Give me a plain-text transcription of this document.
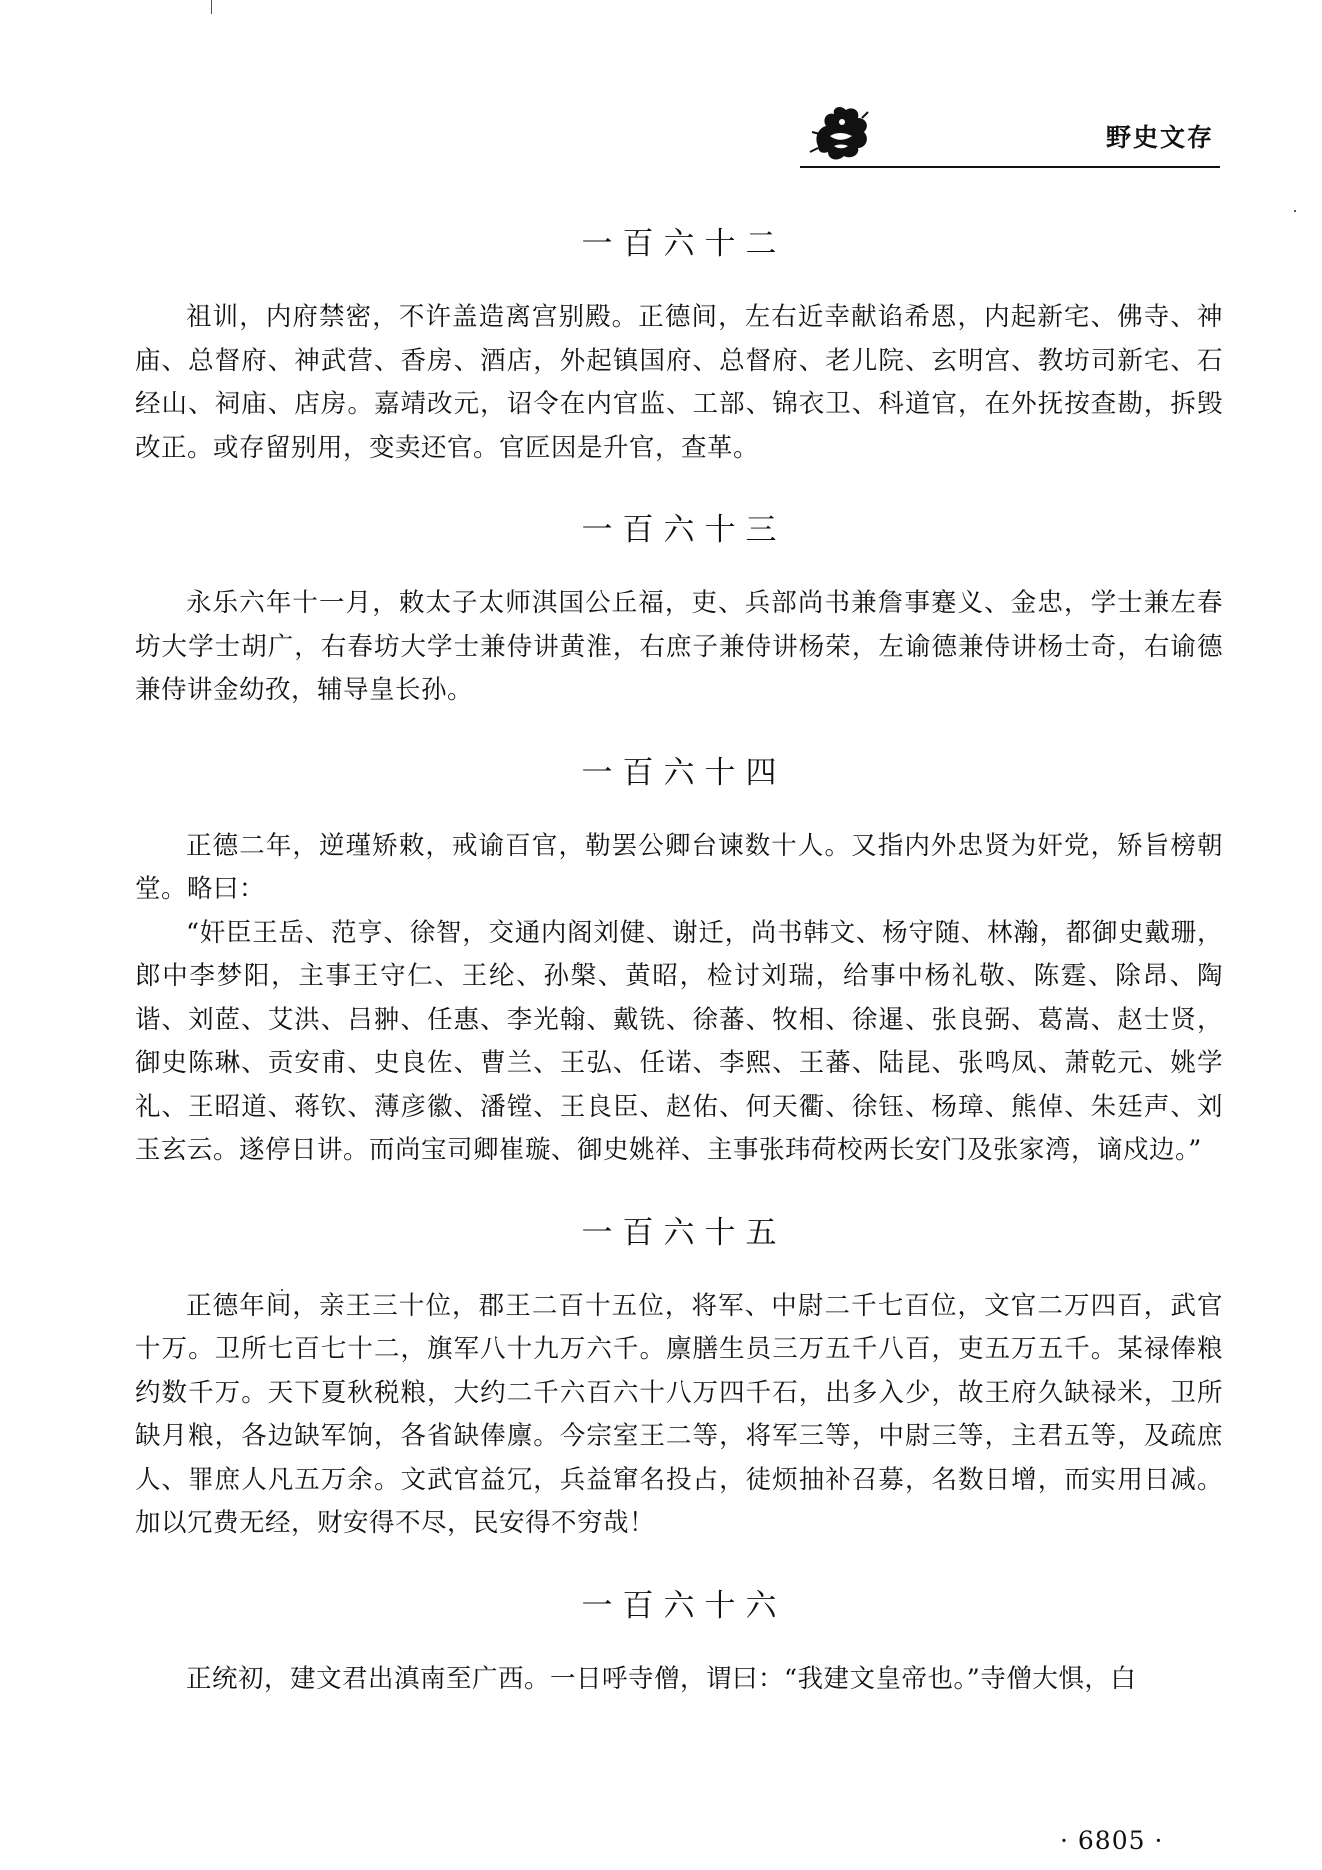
野史文存
一百六十二

祖训，内府禁密，不许盖造离宫别殿。正德间，左右近幸献谄希恩，内起新宅、佛寺、神庙、总督府、神武营、香房、酒店，外起镇国府、总督府、老儿院、玄明宫、教坊司新宅、石经山、祠庙、店房。嘉靖改元，诏令在内官监、工部、锦衣卫、科道官，在外抚按查勘，拆毁改正。或存留别用，变卖还官。官匠因是升官，查革。

一百六十三

永乐六年十一月，敕太子太师淇国公丘福，吏、兵部尚书兼詹事蹇义、金忠，学士兼左春坊大学士胡广，右春坊大学士兼侍讲黄淮，右庶子兼侍讲杨荣，左谕德兼侍讲杨士奇，右谕德兼侍讲金幼孜，辅导皇长孙。

一百六十四

正德二年，逆瑾矫敕，戒谕百官，勒罢公卿台谏数十人。又指内外忠贤为奸党，矫旨榜朝堂。略曰：

“奸臣王岳、范亨、徐智，交通内阁刘健、谢迁，尚书韩文、杨守随、林瀚，都御史戴珊，郎中李梦阳，主事王守仁、王纶、孙槃、黄昭，检讨刘瑞，给事中杨礼敬、陈霆、除昂、陶谐、刘茝、艾洪、吕翀、任惠、李光翰、戴铣、徐蕃、牧相、徐暹、张良弼、葛嵩、赵士贤，御史陈琳、贡安甫、史良佐、曹兰、王弘、任诺、李熙、王蕃、陆昆、张鸣凤、萧乾元、姚学礼、王昭道、蒋钦、薄彦徽、潘镗、王良臣、赵佑、何天衢、徐钰、杨璋、熊倬、朱廷声、刘玉玄云。遂停日讲。而尚宝司卿崔璇、御史姚祥、主事张玮荷校两长安门及张家湾，谪戍边。”

一百六十五

正德年间，亲王三十位，郡王二百十五位，将军、中尉二千七百位，文官二万四百，武官十万。卫所七百七十二，旗军八十九万六千。廪膳生员三万五千八百，吏五万五千。某禄俸粮约数千万。天下夏秋税粮，大约二千六百六十八万四千石，出多入少，故王府久缺禄米，卫所缺月粮，各边缺军饷，各省缺俸廪。今宗室王二等，将军三等，中尉三等，主君五等，及疏庶人、罪庶人凡五万余。文武官益冗，兵益窜名投占，徒烦抽补召募，名数日增，而实用日减。加以冗费无经，财安得不尽，民安得不穷哉！

一百六十六

正统初，建文君出滇南至广西。一日呼寺僧，谓曰：“我建文皇帝也。”寺僧大惧，白

· 6805 ·
